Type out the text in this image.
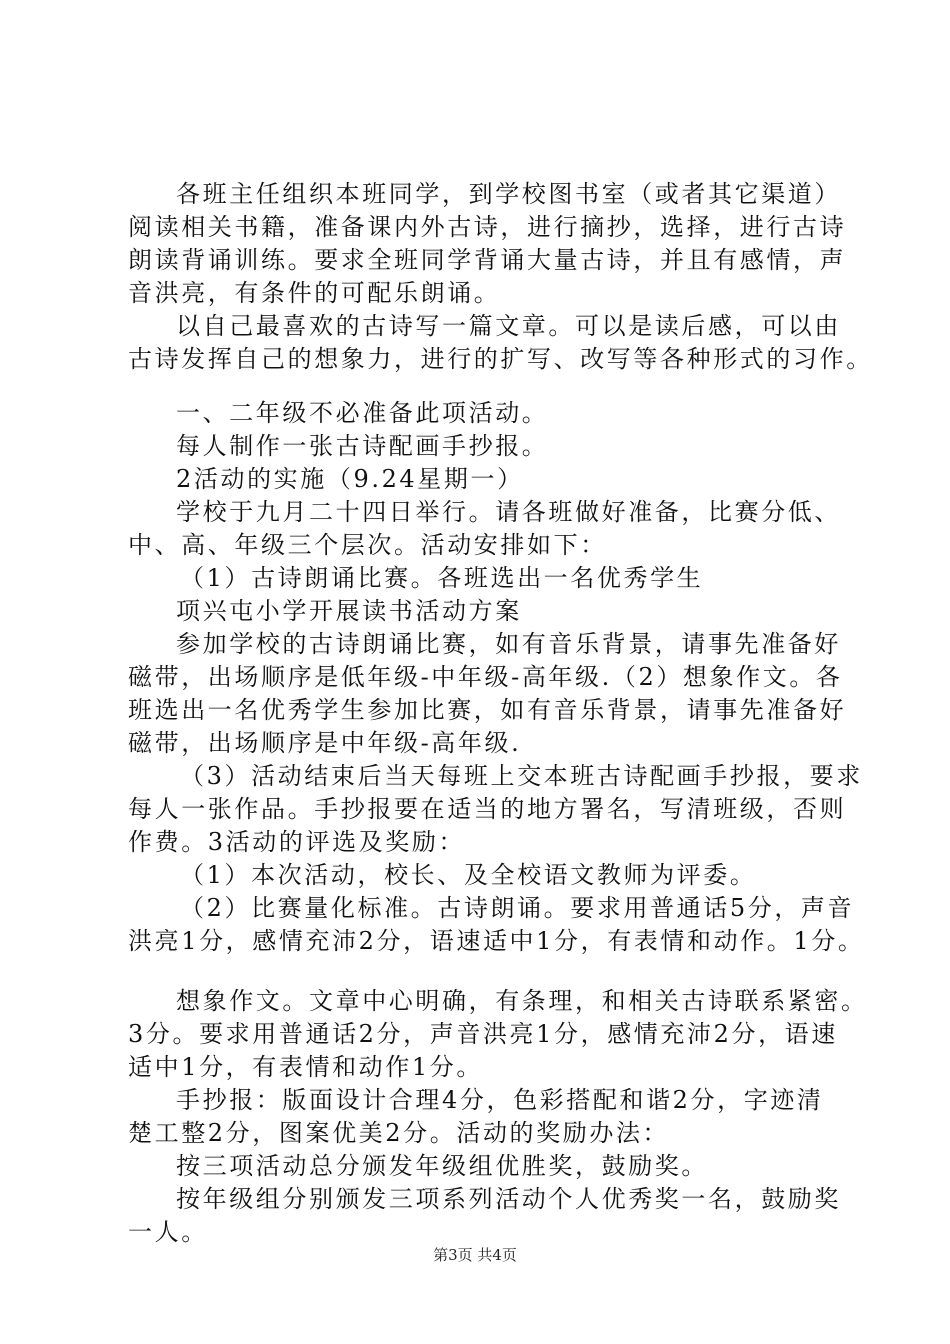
各班主任组织本班同学，到学校图书室（或者其它渠道）
阅读相关书籍，准备课内外古诗，进行摘抄，选择，进行古诗
朗读背诵训练。要求全班同学背诵大量古诗，并且有感情，声
音洪亮，有条件的可配乐朗诵。
以自己最喜欢的古诗写一篇文章。可以是读后感，可以由
古诗发挥自己的想象力，进行的扩写、改写等各种形式的习作。
一、二年级不必准备此项活动。
每人制作一张古诗配画手抄报。
2活动的实施（9.24星期一）
学校于九月二十四日举行。请各班做好准备，比赛分低、
中、高、年级三个层次。活动安排如下：
（1）古诗朗诵比赛。各班选出一名优秀学生
项兴屯小学开展读书活动方案
参加学校的古诗朗诵比赛，如有音乐背景，请事先准备好
磁带，出场顺序是低年级-中年级-高年级.（2）想象作文。各
班选出一名优秀学生参加比赛，如有音乐背景，请事先准备好
磁带，出场顺序是中年级-高年级.
（3）活动结束后当天每班上交本班古诗配画手抄报，要求
每人一张作品。手抄报要在适当的地方署名，写清班级，否则
作费。3活动的评选及奖励：
（1）本次活动，校长、及全校语文教师为评委。
（2）比赛量化标准。古诗朗诵。要求用普通话5分，声音
洪亮1分，感情充沛2分，语速适中1分，有表情和动作。1分。
想象作文。文章中心明确，有条理，和相关古诗联系紧密。
3分。要求用普通话2分，声音洪亮1分，感情充沛2分，语速
适中1分，有表情和动作1分。
手抄报：版面设计合理4分，色彩搭配和谐2分，字迹清
楚工整2分，图案优美2分。活动的奖励办法：
按三项活动总分颁发年级组优胜奖，鼓励奖。
按年级组分别颁发三项系列活动个人优秀奖一名，鼓励奖
一人。
第3页 共4页
